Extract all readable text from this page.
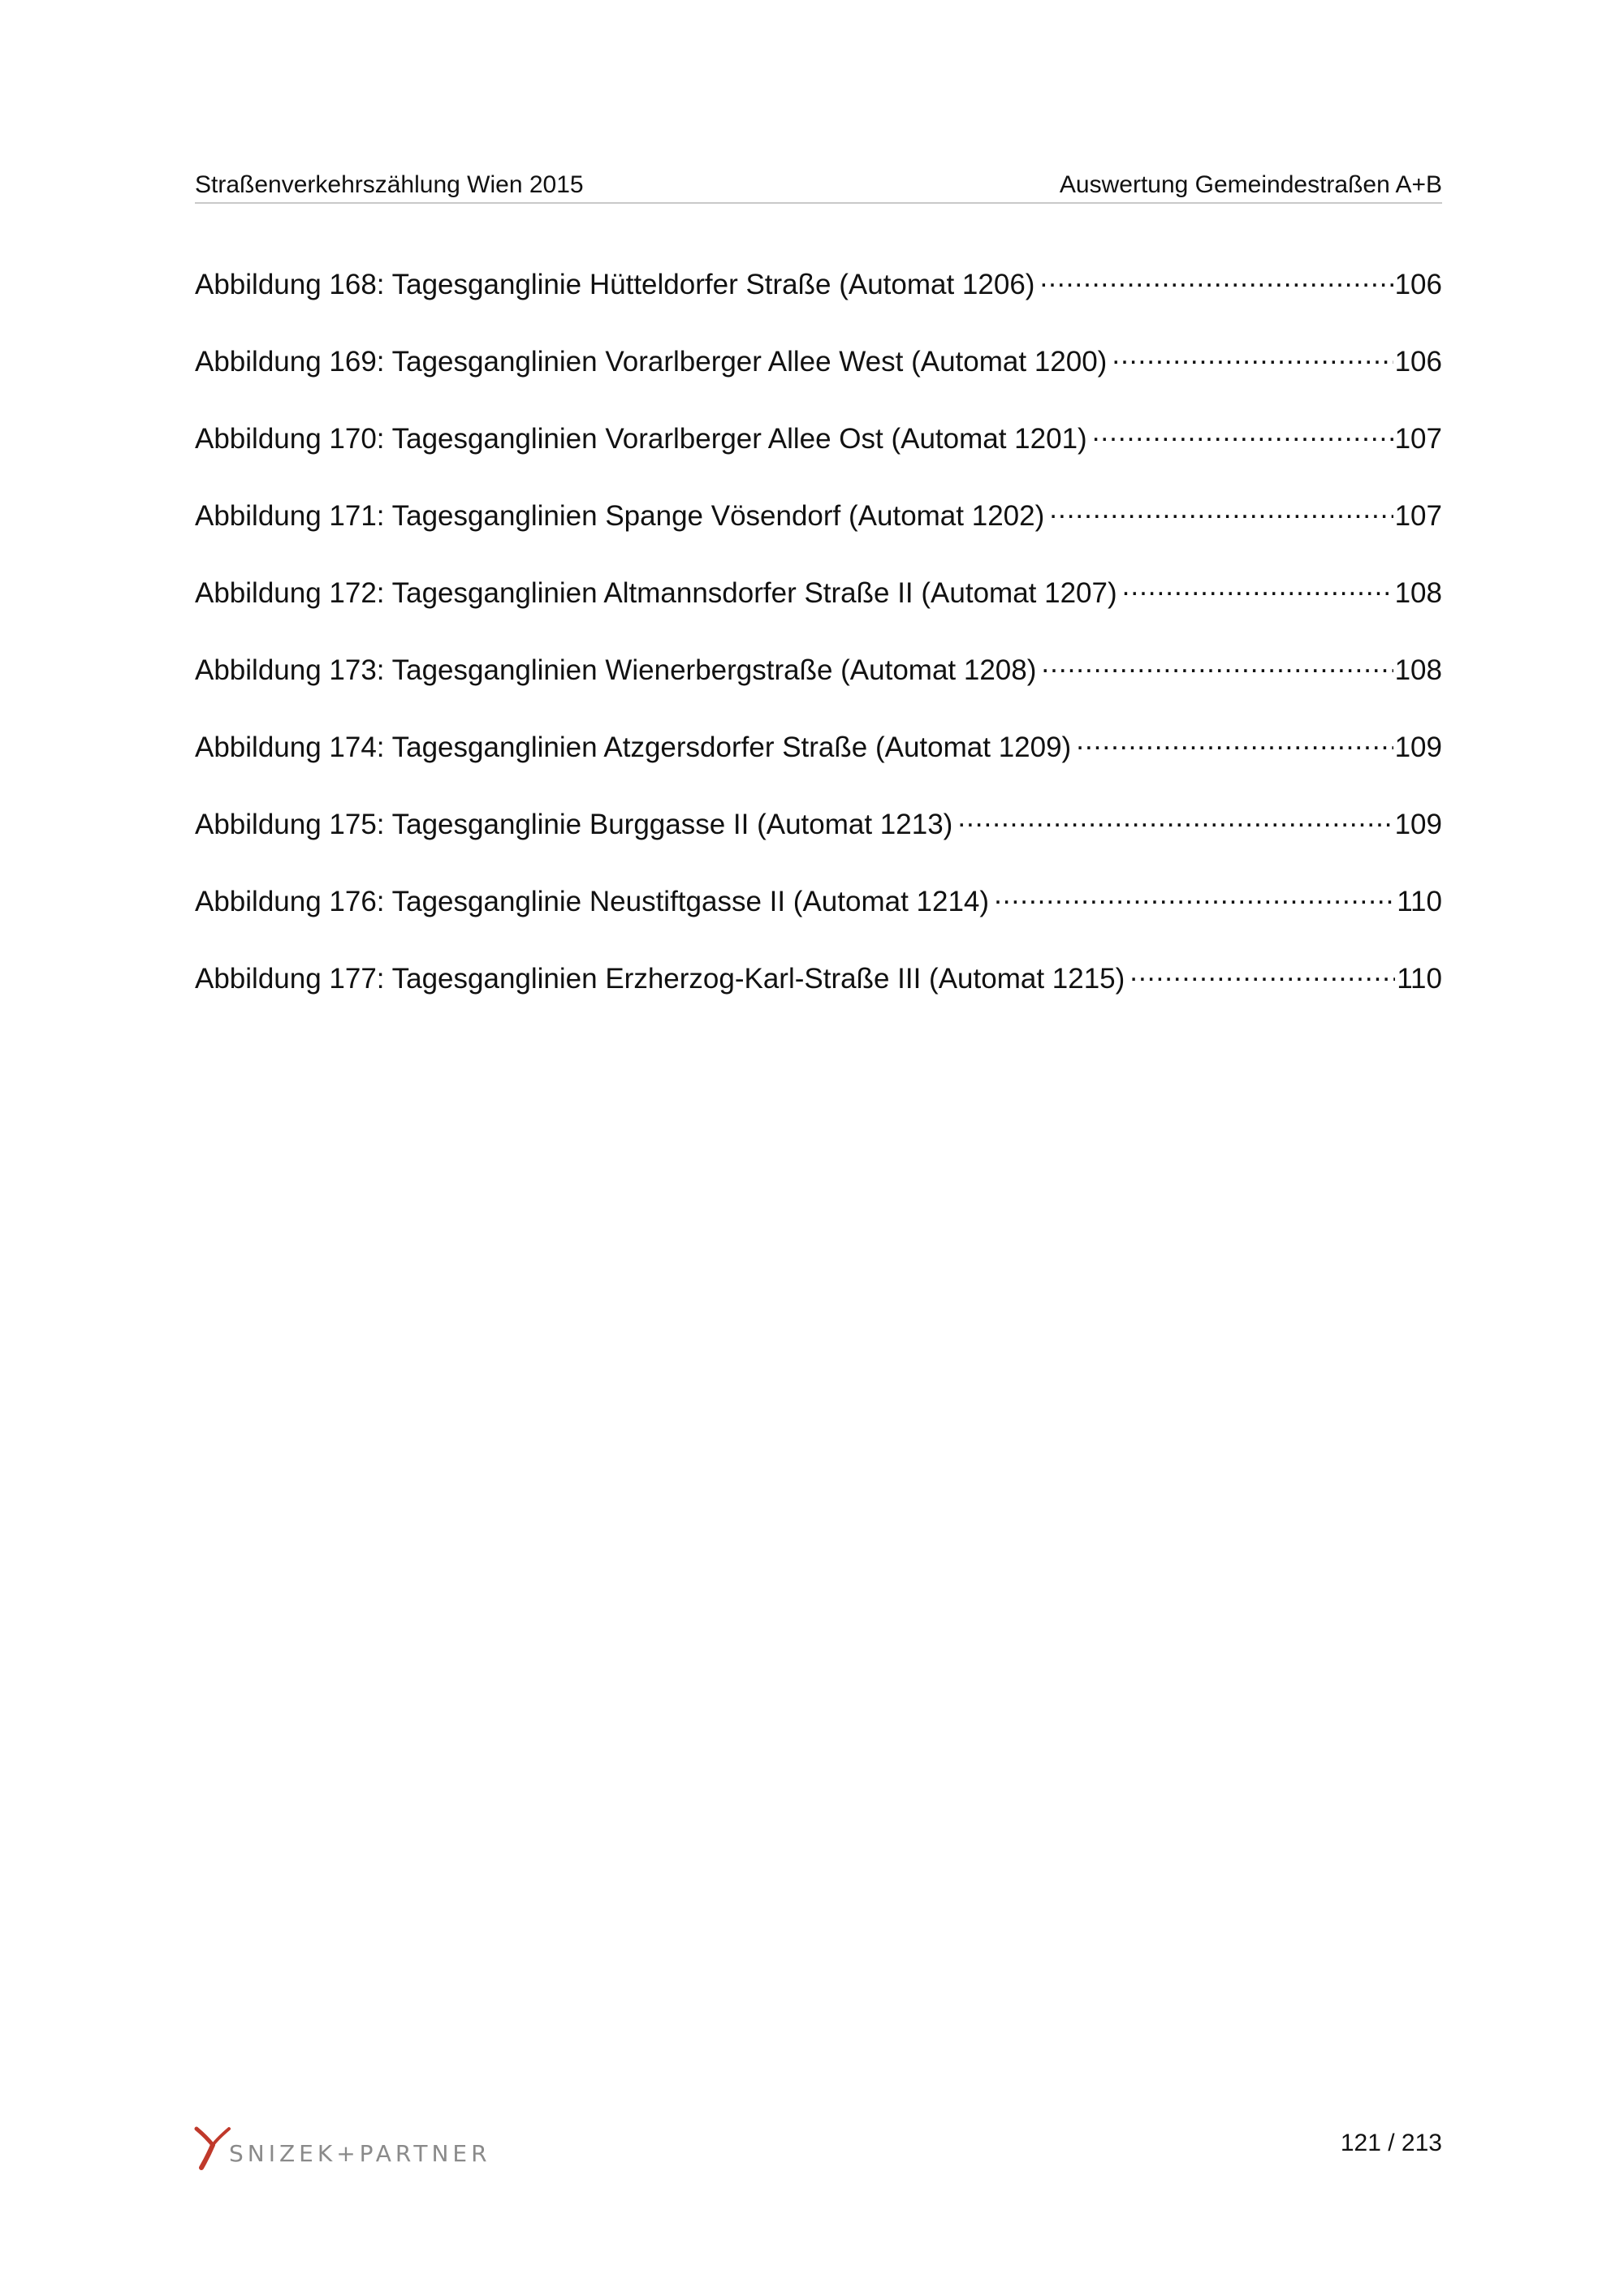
Straßenverkehrszählung Wien 2015	Auswertung Gemeindestraßen A+B
Abbildung 168: Tagesganglinie Hütteldorfer Straße (Automat 1206) .....	106
Abbildung 169: Tagesganglinien Vorarlberger Allee West (Automat 1200) .....	106
Abbildung 170: Tagesganglinien Vorarlberger Allee Ost (Automat 1201) .....	107
Abbildung 171: Tagesganglinien Spange Vösendorf (Automat 1202) .....	107
Abbildung 172: Tagesganglinien Altmannsdorfer Straße II (Automat 1207) .....	108
Abbildung 173: Tagesganglinien Wienerbergstraße (Automat 1208) .....	108
Abbildung 174: Tagesganglinien Atzgersdorfer Straße (Automat 1209) .....	109
Abbildung 175: Tagesganglinie Burggasse II (Automat 1213) .....	109
Abbildung 176: Tagesganglinie Neustiftgasse II (Automat 1214) .....	110
Abbildung 177: Tagesganglinien Erzherzog-Karl-Straße III (Automat 1215) .....	110
SNIZEK+PARTNER	121 / 213
